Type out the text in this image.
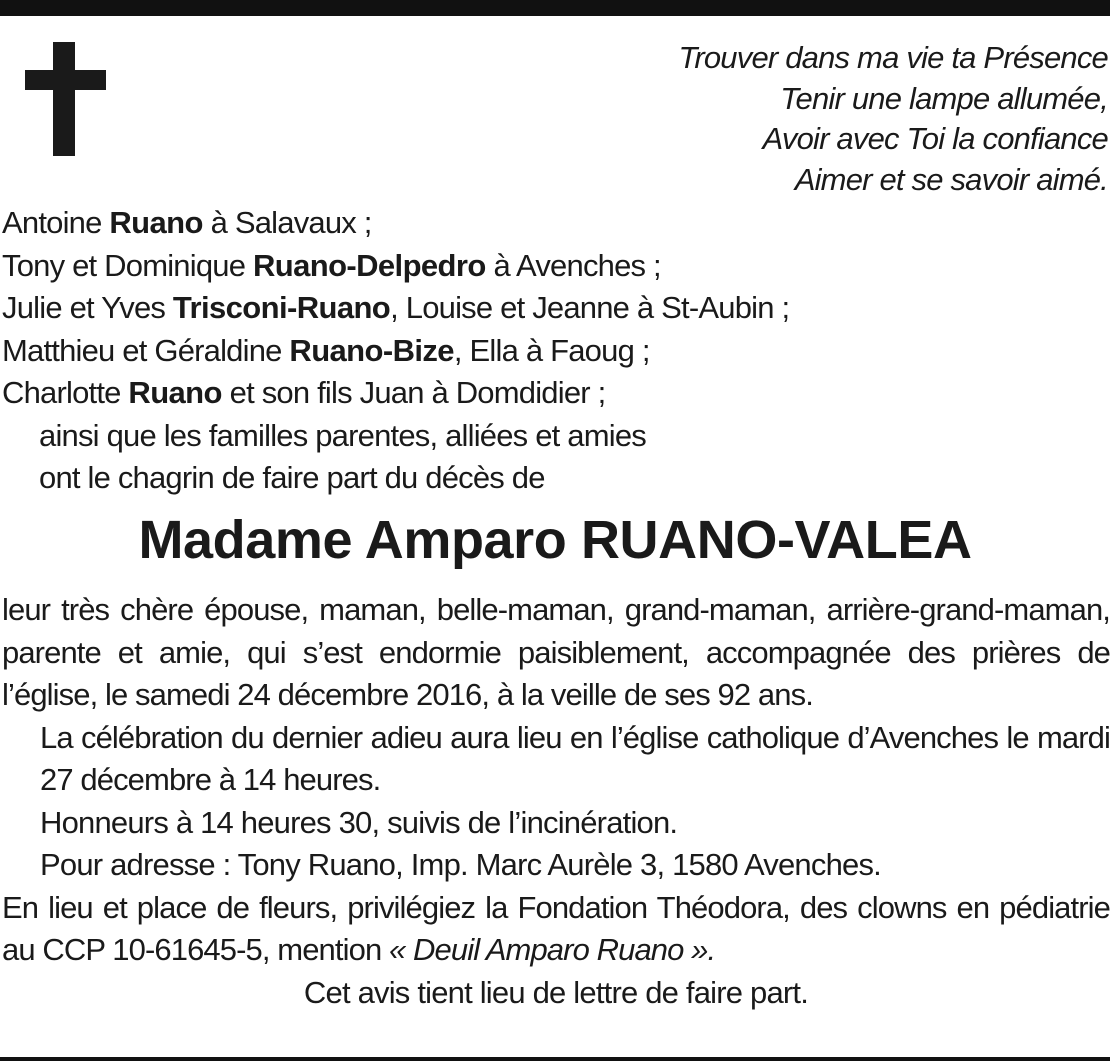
Trouver dans ma vie ta Présence
Tenir une lampe allumée,
Avoir avec Toi la confiance
Aimer et se savoir aimé.
Antoine Ruano à Salavaux ;
Tony et Dominique Ruano-Delpedro à Avenches ;
Julie et Yves Trisconi-Ruano, Louise et Jeanne à St-Aubin ;
Matthieu et Géraldine Ruano-Bize, Ella à Faoug ;
Charlotte Ruano et son fils Juan à Domdidier ;
ainsi que les familles parentes, alliées et amies
ont le chagrin de faire part du décès de
Madame Amparo RUANO-VALEA
leur très chère épouse, maman, belle-maman, grand-maman, arrière-grand-maman, parente et amie, qui s’est endormie paisiblement, accompagnée des prières de l’église, le samedi 24 décembre 2016, à la veille de ses 92 ans.
La célébration du dernier adieu aura lieu en l’église catholique d’Avenches le mardi 27 décembre à 14 heures.
Honneurs à 14 heures 30, suivis de l’incinération.
Pour adresse : Tony Ruano, Imp. Marc Aurèle 3, 1580 Avenches.
En lieu et place de fleurs, privilégiez la Fondation Théodora, des clowns en pédiatrie au CCP 10-61645-5, mention « Deuil Amparo Ruano ».
Cet avis tient lieu de lettre de faire part.
